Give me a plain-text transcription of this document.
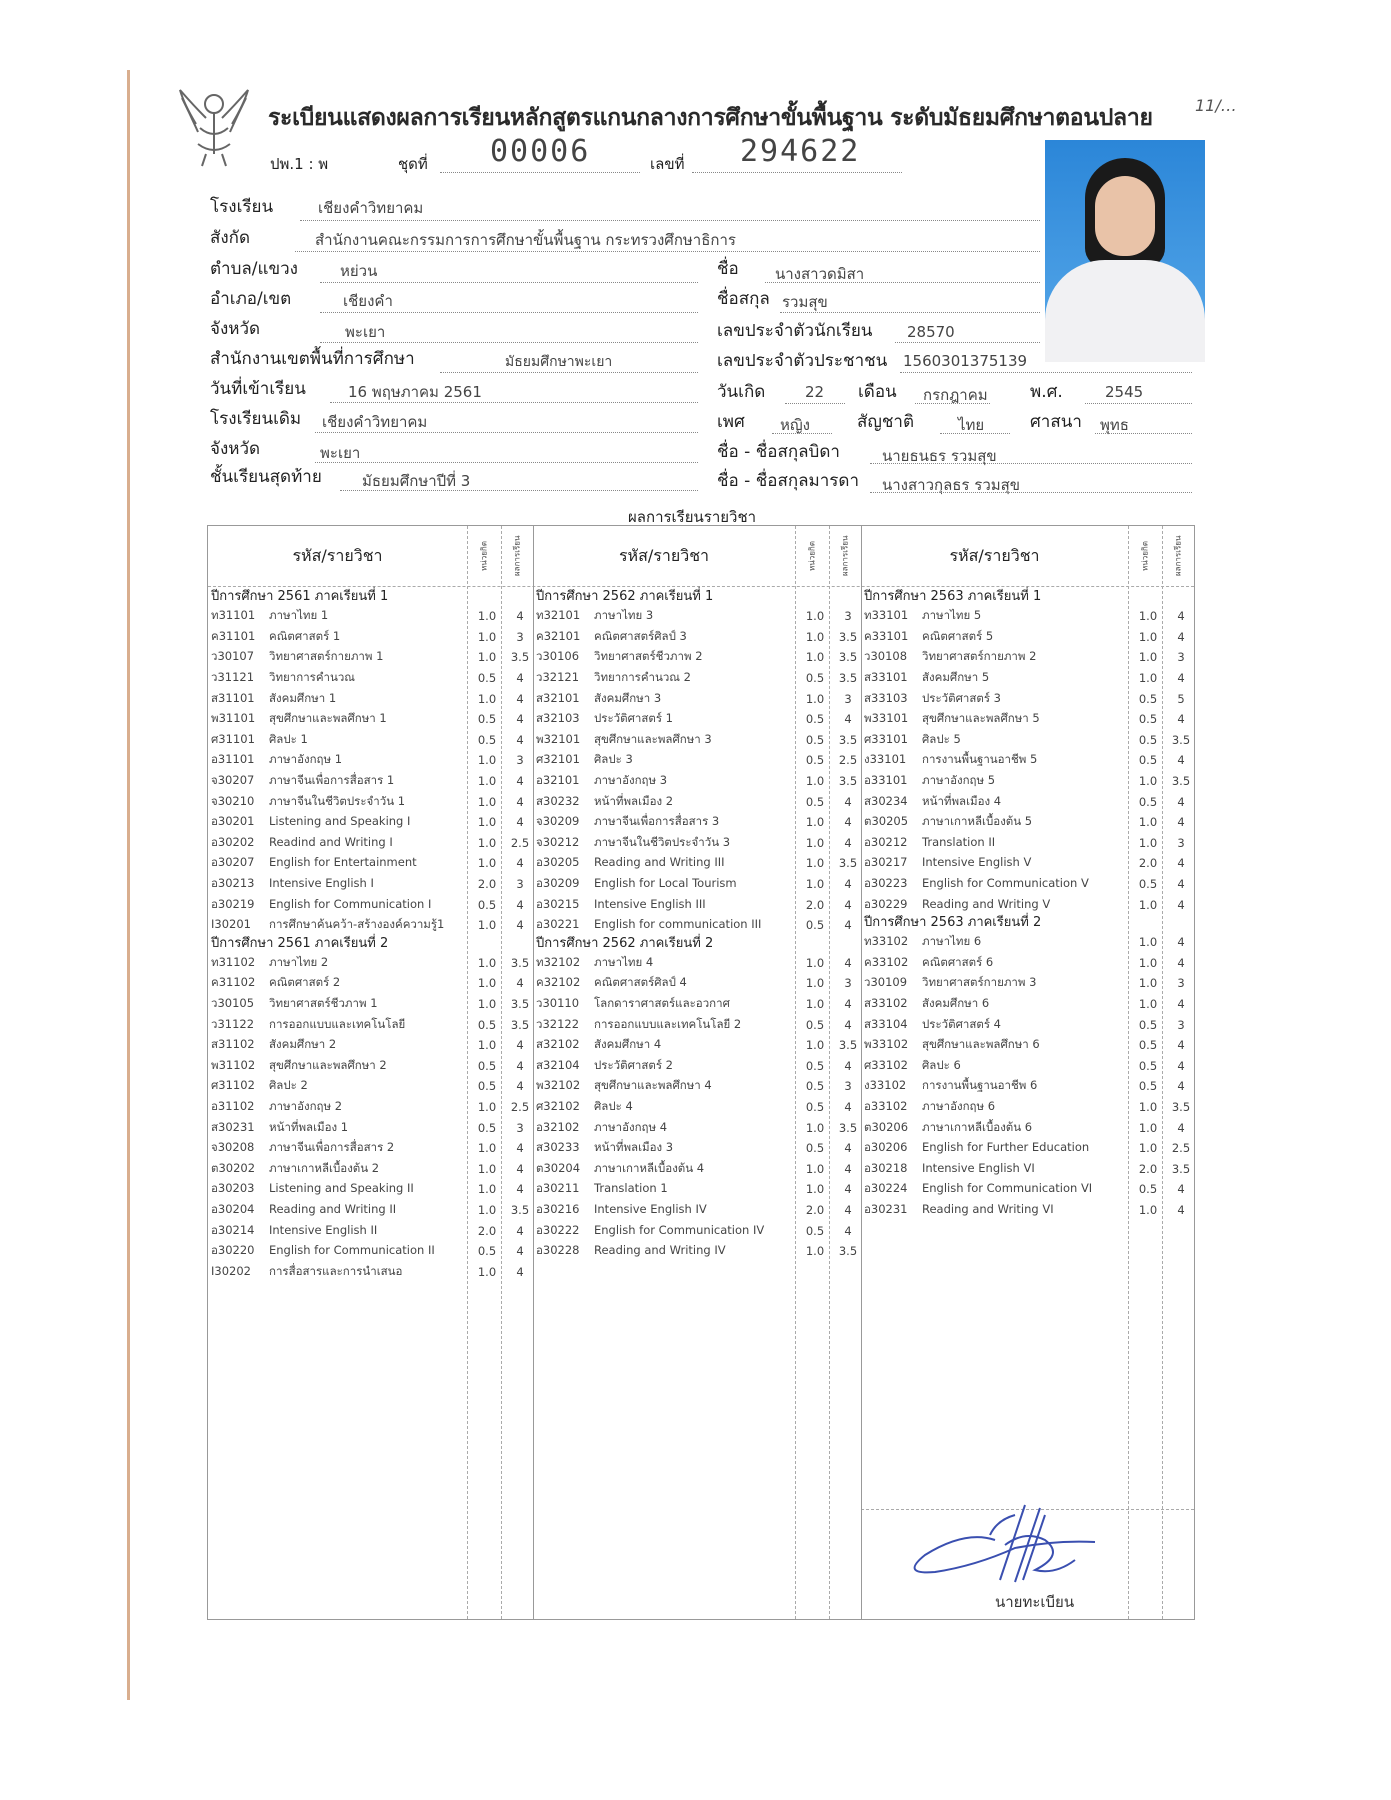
ระเบียนแสดงผลการเรียนหลักสูตรแกนกลางการศึกษาขั้นพื้นฐาน ระดับมัธยมศึกษาตอนปลาย	11/…
ปพ.1 : พ	ชุดที่ 00006	เลขที่ 294622
โรงเรียน	เชียงคำวิทยาคม
สังกัด	สำนักงานคณะกรรมการการศึกษาขั้นพื้นฐาน กระทรวงศึกษาธิการ
ตำบล/แขวง	หย่วน
อำเภอ/เขต	เชียงคำ
จังหวัด	พะเยา
สำนักงานเขตพื้นที่การศึกษา	มัธยมศึกษาพะเยา
วันที่เข้าเรียน	16 พฤษภาคม 2561
โรงเรียนเดิม เชียงคำวิทยาคม
จังหวัด	พะเยา
ชั้นเรียนสุดท้าย	มัธยมศึกษาปีที่ 3
ชื่อ นางสาวดมิสา
ชื่อสกุล รวมสุข
เลขประจำตัวนักเรียน 28570
เลขประจำตัวประชาชน 1560301375139
วันเกิด	22 เดือน กรกฎาคม พ.ศ.	2545
เพศ หญิง	สัญชาติ	ไทย	ศาสนา พุทธ
ชื่อ - ชื่อสกุลบิดา	นายธนธร รวมสุข
ชื่อ - ชื่อสกุลมารดา นางสาวกุลธร รวมสุข
ผลการเรียนรายวิชา
รหัส/รายวิชา	หน่วยกิต	ผลการเรียน
ปีการศึกษา 2561 ภาคเรียนที่ 1
ท31101 ภาษาไทย 1	1.0	4
ค31101 คณิตศาสตร์ 1	1.0	3
ว30107 วิทยาศาสตร์กายภาพ 1	1.0	3.5
ว31121 วิทยาการคำนวณ	0.5	4
ส31101 สังคมศึกษา 1	1.0	4
พ31101 สุขศึกษาและพลศึกษา 1	0.5	4
ศ31101 ศิลปะ 1	0.5	4
อ31101 ภาษาอังกฤษ 1	1.0	3
จ30207 ภาษาจีนเพื่อการสื่อสาร 1	1.0	4
จ30210 ภาษาจีนในชีวิตประจำวัน 1	1.0	4
อ30201 Listening and Speaking I	1.0	4
อ30202 Readind and Writing I	1.0	2.5
อ30207 English for Entertainment	1.0	4
อ30213 Intensive English I	2.0	3
อ30219 English for Communication I	0.5	4
I30201 การศึกษาค้นคว้า-สร้างองค์ความรู้1	1.0	4
ปีการศึกษา 2561 ภาคเรียนที่ 2
ท31102 ภาษาไทย 2	1.0	3.5
ค31102 คณิตศาสตร์ 2	1.0	4
ว30105 วิทยาศาสตร์ชีวภาพ 1	1.0	3.5
ว31122 การออกแบบและเทคโนโลยี	0.5	3.5
ส31102 สังคมศึกษา 2	1.0	4
พ31102 สุขศึกษาและพลศึกษา 2	0.5	4
ศ31102 ศิลปะ 2	0.5	4
อ31102 ภาษาอังกฤษ 2	1.0	2.5
ส30231 หน้าที่พลเมือง 1	0.5	3
จ30208 ภาษาจีนเพื่อการสื่อสาร 2	1.0	4
ต30202 ภาษาเกาหลีเบื้องต้น 2	1.0	4
อ30203 Listening and Speaking II	1.0	4
อ30204 Reading and Writing II	1.0	3.5
อ30214 Intensive English II	2.0	4
อ30220 English for Communication II	0.5	4
I30202 การสื่อสารและการนำเสนอ	1.0	4
รหัส/รายวิชา	หน่วยกิต	ผลการเรียน
ปีการศึกษา 2562 ภาคเรียนที่ 1
ท32101 ภาษาไทย 3	1.0	3
ค32101 คณิตศาสตร์ศิลป์ 3	1.0	3.5
ว30106 วิทยาศาสตร์ชีวภาพ 2	1.0	3.5
ว32121 วิทยาการคำนวณ 2	0.5	3.5
ส32101 สังคมศึกษา 3	1.0	3
ส32103 ประวัติศาสตร์ 1	0.5	4
พ32101 สุขศึกษาและพลศึกษา 3	0.5	3.5
ศ32101 ศิลปะ 3	0.5	2.5
อ32101 ภาษาอังกฤษ 3	1.0	3.5
ส30232 หน้าที่พลเมือง 2	0.5	4
จ30209 ภาษาจีนเพื่อการสื่อสาร 3	1.0	4
จ30212 ภาษาจีนในชีวิตประจำวัน 3	1.0	4
อ30205 Reading and Writing III	1.0	3.5
อ30209 English for Local Tourism	1.0	4
อ30215 Intensive English III	2.0	4
อ30221 English for communication III	0.5	4
ปีการศึกษา 2562 ภาคเรียนที่ 2
ท32102 ภาษาไทย 4	1.0	4
ค32102 คณิตศาสตร์ศิลป์ 4	1.0	3
ว30110 โลกดาราศาสตร์และอวกาศ	1.0	4
ว32122 การออกแบบและเทคโนโลยี 2	0.5	4
ส32102 สังคมศึกษา 4	1.0	3.5
ส32104 ประวัติศาสตร์ 2	0.5	4
พ32102 สุขศึกษาและพลศึกษา 4	0.5	3
ศ32102 ศิลปะ 4	0.5	4
อ32102 ภาษาอังกฤษ 4	1.0	3.5
ส30233 หน้าที่พลเมือง 3	0.5	4
ต30204 ภาษาเกาหลีเบื้องต้น 4	1.0	4
อ30211 Translation 1	1.0	4
อ30216 Intensive English IV	2.0	4
อ30222 English for Communication IV	0.5	4
อ30228 Reading and Writing IV	1.0	3.5
รหัส/รายวิชา	หน่วยกิต	ผลการเรียน
ปีการศึกษา 2563 ภาคเรียนที่ 1
ท33101 ภาษาไทย 5	1.0	4
ค33101 คณิตศาสตร์ 5	1.0	4
ว30108 วิทยาศาสตร์กายภาพ 2	1.0	3
ส33101 สังคมศึกษา 5	1.0	4
ส33103 ประวัติศาสตร์ 3	0.5	5
พ33101 สุขศึกษาและพลศึกษา 5	0.5	4
ศ33101 ศิลปะ 5	0.5	3.5
ง33101 การงานพื้นฐานอาชีพ 5	0.5	4
อ33101 ภาษาอังกฤษ 5	1.0	3.5
ส30234 หน้าที่พลเมือง 4	0.5	4
ต30205 ภาษาเกาหลีเบื้องต้น 5	1.0	4
อ30212 Translation II	1.0	3
อ30217 Intensive English V	2.0	4
อ30223 English for Communication V	0.5	4
อ30229 Reading and Writing V	1.0	4
ปีการศึกษา 2563 ภาคเรียนที่ 2
ท33102 ภาษาไทย 6	1.0	4
ค33102 คณิตศาสตร์ 6	1.0	4
ว30109 วิทยาศาสตร์กายภาพ 3	1.0	3
ส33102 สังคมศึกษา 6	1.0	4
ส33104 ประวัติศาสตร์ 4	0.5	3
พ33102 สุขศึกษาและพลศึกษา 6	0.5	4
ศ33102 ศิลปะ 6	0.5	4
ง33102 การงานพื้นฐานอาชีพ 6	0.5	4
อ33102 ภาษาอังกฤษ 6	1.0	3.5
ต30206 ภาษาเกาหลีเบื้องต้น 6	1.0	4
อ30206 English for Further Education	1.0	2.5
อ30218 Intensive English VI	2.0	3.5
อ30224 English for Communication VI	0.5	4
อ30231 Reading and Writing VI	1.0	4
นายทะเบียน
